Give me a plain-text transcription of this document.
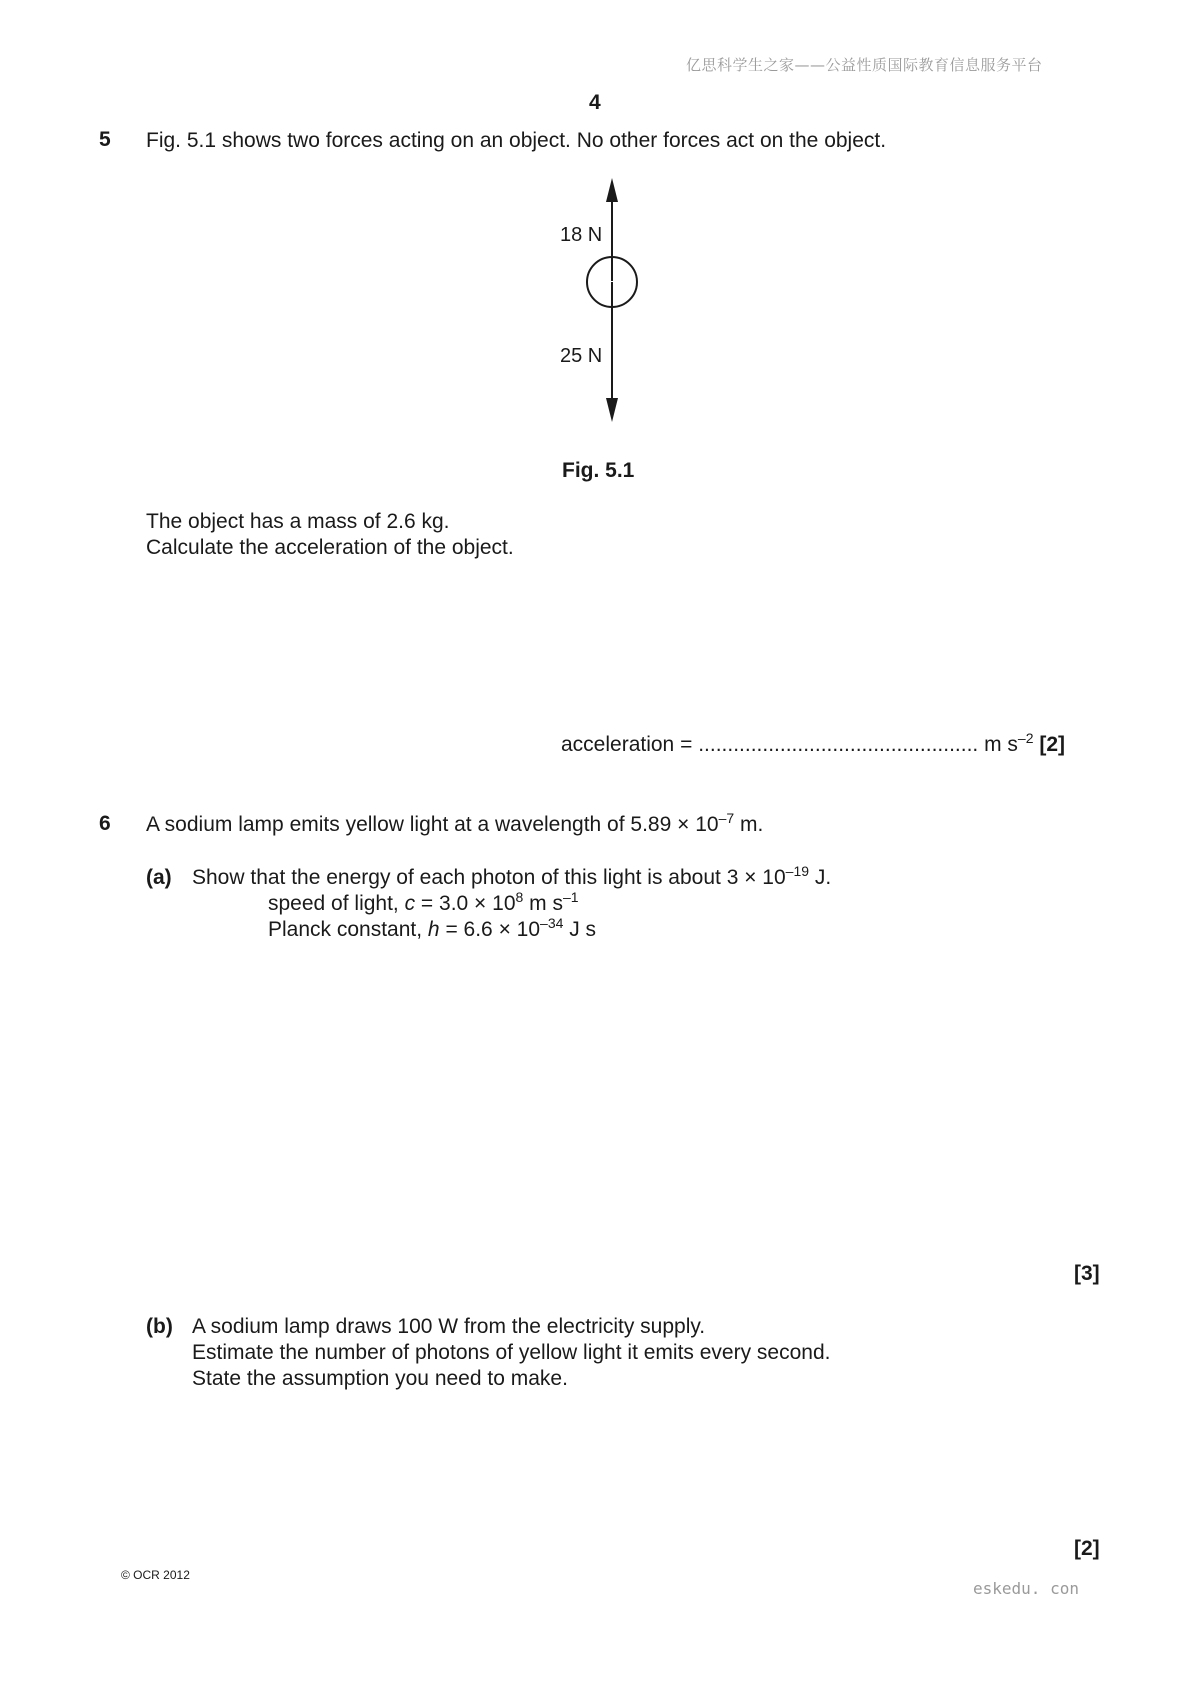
亿思科学生之家——公益性质国际教育信息服务平台
4
5 Fig. 5.1 shows two forces acting on an object. No other forces act on the object.
18 N
25 N
Fig. 5.1
The object has a mass of 2.6 kg.
Calculate the acceleration of the object.
acceleration = ................................................ m $s^{-2}$ [2]
6 A sodium lamp emits yellow light at a wavelength of $5.89 \times 10^{-7}$ m.
(a) Show that the energy of each photon of this light is about $3 \times 10^{-19}$ J.
speed of light, $c = 3.0 \times 10^8$ m $s^{-1}$
Planck constant, $h = 6.6 \times 10^{-34}$ J s
[3]
(b) A sodium lamp draws 100 W from the electricity supply.
Estimate the number of photons of yellow light it emits every second.
State the assumption you need to make.
[2]
© OCR 2012
eskedu. con
